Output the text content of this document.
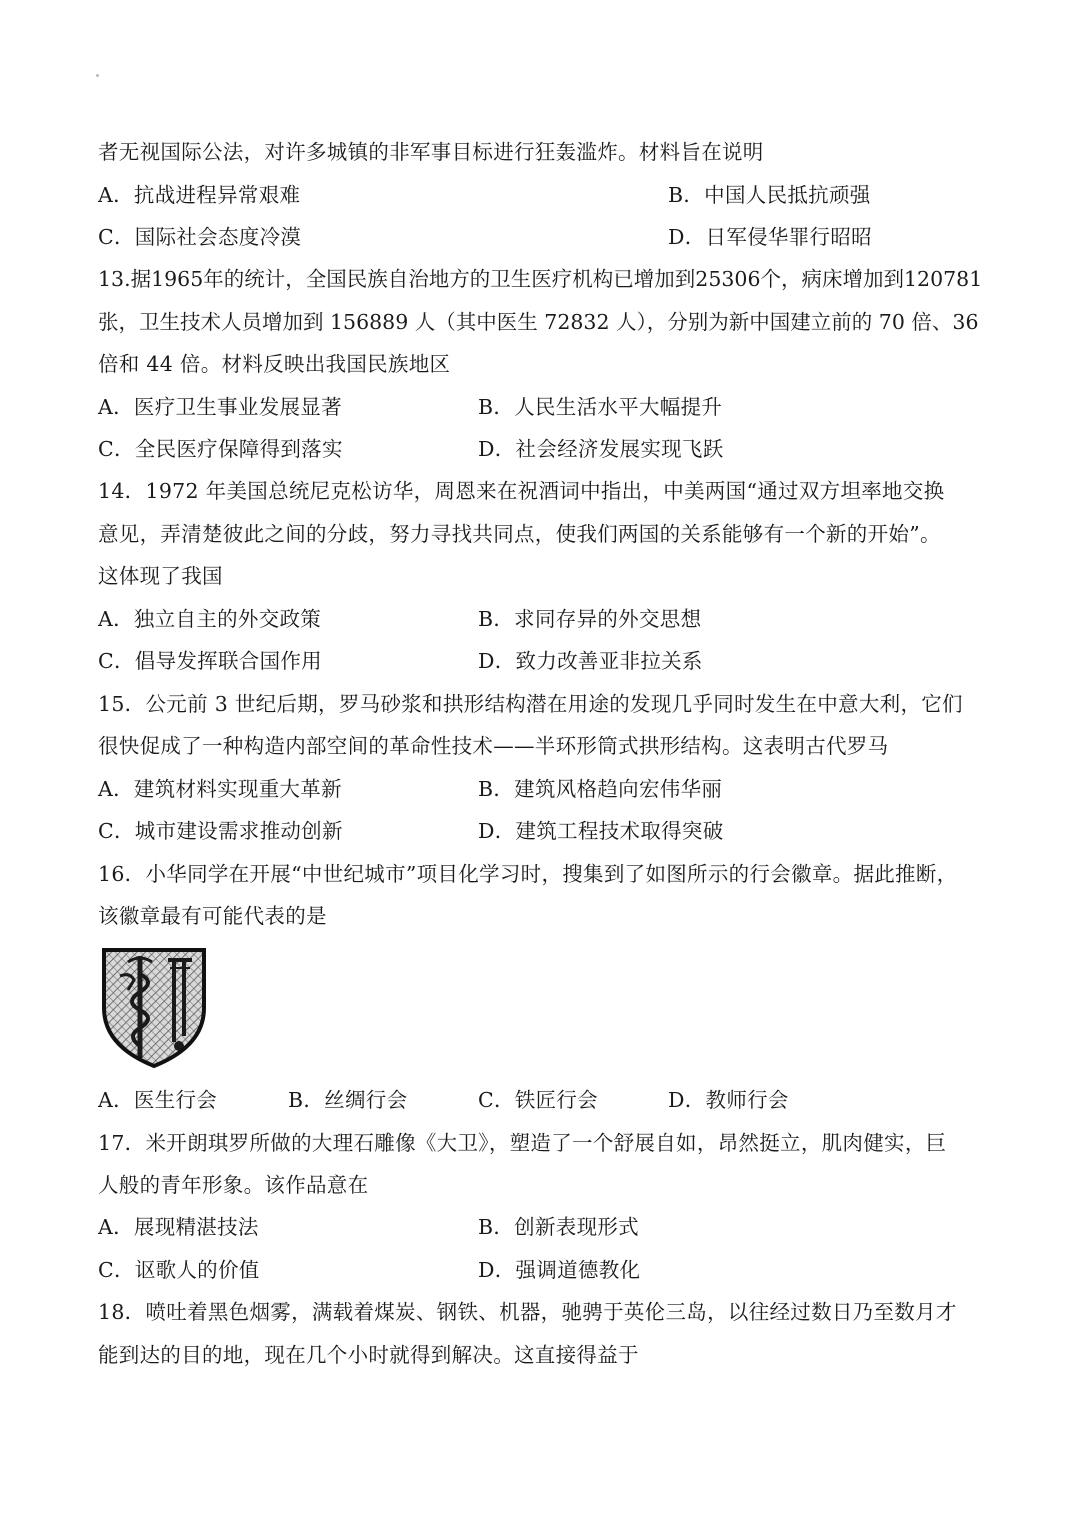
者无视国际公法，对许多城镇的非军事目标进行狂轰滥炸。材料旨在说明
A．抗战进程异常艰难	B．中国人民抵抗顽强
C．国际社会态度冷漠	D．日军侵华罪行昭昭
13.据1965年的统计，全国民族自治地方的卫生医疗机构已增加到25306个，病床增加到120781
张，卫生技术人员增加到 156889 人（其中医生 72832 人），分别为新中国建立前的 70 倍、36
倍和 44 倍。材料反映出我国民族地区
A．医疗卫生事业发展显著	B．人民生活水平大幅提升
C．全民医疗保障得到落实	D．社会经济发展实现飞跃
14．1972 年美国总统尼克松访华，周恩来在祝酒词中指出，中美两国“通过双方坦率地交换
意见，弄清楚彼此之间的分歧，努力寻找共同点，使我们两国的关系能够有一个新的开始”。
这体现了我国
A．独立自主的外交政策	B．求同存异的外交思想
C．倡导发挥联合国作用	D．致力改善亚非拉关系
15．公元前 3 世纪后期，罗马砂浆和拱形结构潜在用途的发现几乎同时发生在中意大利，它们
很快促成了一种构造内部空间的革命性技术——半环形筒式拱形结构。这表明古代罗马
A．建筑材料实现重大革新	B．建筑风格趋向宏伟华丽
C．城市建设需求推动创新	D．建筑工程技术取得突破
16．小华同学在开展“中世纪城市”项目化学习时，搜集到了如图所示的行会徽章。据此推断，
该徽章最有可能代表的是
A．医生行会	B．丝绸行会	C．铁匠行会	D．教师行会
17．米开朗琪罗所做的大理石雕像《大卫》，塑造了一个舒展自如，昂然挺立，肌肉健实，巨
人般的青年形象。该作品意在
A．展现精湛技法	B．创新表现形式
C．讴歌人的价值	D．强调道德教化
18．喷吐着黑色烟雾，满载着煤炭、钢铁、机器，驰骋于英伦三岛，以往经过数日乃至数月才
能到达的目的地，现在几个小时就得到解决。这直接得益于
